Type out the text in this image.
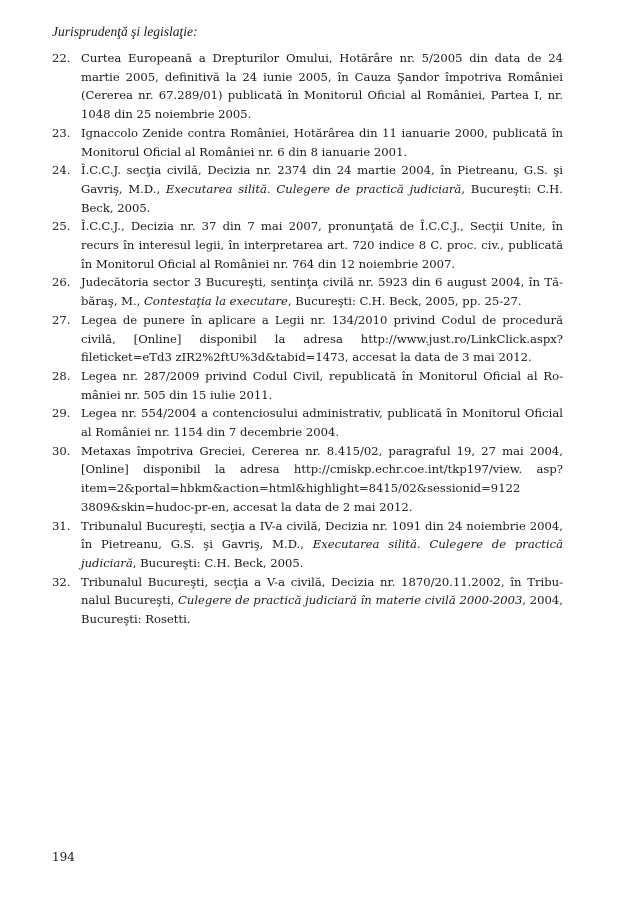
Jurisprudenţă şi legislaţie:
22. Curtea Europeană a Drepturilor Omului, Hotărâre nr. 5/2005 din data de 24 martie 2005, definitivă la 24 iunie 2005, în Cauza Şandor împotriva României (Cererea nr. 67.289/01) publicată în Monitorul Oficial al României, Partea I, nr. 1048 din 25 noiembrie 2005.
23. Ignaccolo Zenide contra României, Hotărârea din 11 ianuarie 2000, publicată în Monitorul Oficial al României nr. 6 din 8 ianuarie 2001.
24. Î.C.C.J. secţia civilă, Decizia nr. 2374 din 24 martie 2004, în Pietreanu, G.S. şi Gavriş, M.D., Executarea silită. Culegere de practică judiciară, Bucureşti: C.H. Beck, 2005.
25. Î.C.C.J., Decizia nr. 37 din 7 mai 2007, pronunţată de Î.C.C.J., Secţii Unite, în recurs în interesul legii, în interpretarea art. 720 indice 8 C. proc. civ., publicată în Monitorul Oficial al României nr. 764 din 12 noiembrie 2007.
26. Judecătoria sector 3 Bucureşti, sentinţa civilă nr. 5923 din 6 august 2004, în Tăbăraş, M., Contestaţia la executare, Bucureşti: C.H. Beck, 2005, pp. 25-27.
27. Legea de punere în aplicare a Legii nr. 134/2010 privind Codul de procedură civilă, [Online] disponibil la adresa http://www.just.ro/LinkClick.aspx?fileticket=eTd3 zIR2%2ftU%3d&tabid=1473, accesat la data de 3 mai 2012.
28. Legea nr. 287/2009 privind Codul Civil, republicată în Monitorul Oficial al României nr. 505 din 15 iulie 2011.
29. Legea nr. 554/2004 a contenciosului administrativ, publicată în Monitorul Oficial al României nr. 1154 din 7 decembrie 2004.
30. Metaxas împotriva Greciei, Cererea nr. 8.415/02, paragraful 19, 27 mai 2004, [Online] disponibil la adresa http://cmiskp.echr.coe.int/tkp197/view. asp?item=2&portal=hbkm&action=html&highlight=8415/02&sessionid=9122 3809&skin=hudoc-pr-en, accesat la data de 2 mai 2012.
31. Tribunalul Bucureşti, secţia a IV-a civilă, Decizia nr. 1091 din 24 noiembrie 2004, în Pietreanu, G.S. şi Gavriş, M.D., Executarea silită. Culegere de practică judiciară, Bucureşti: C.H. Beck, 2005.
32. Tribunalul Bucureşti, secţia a V-a civilă, Decizia nr. 1870/20.11.2002, în Tribunalul Bucureşti, Culegere de practică judiciară în materie civilă 2000-2003, 2004, Bucureşti: Rosetti.
194
